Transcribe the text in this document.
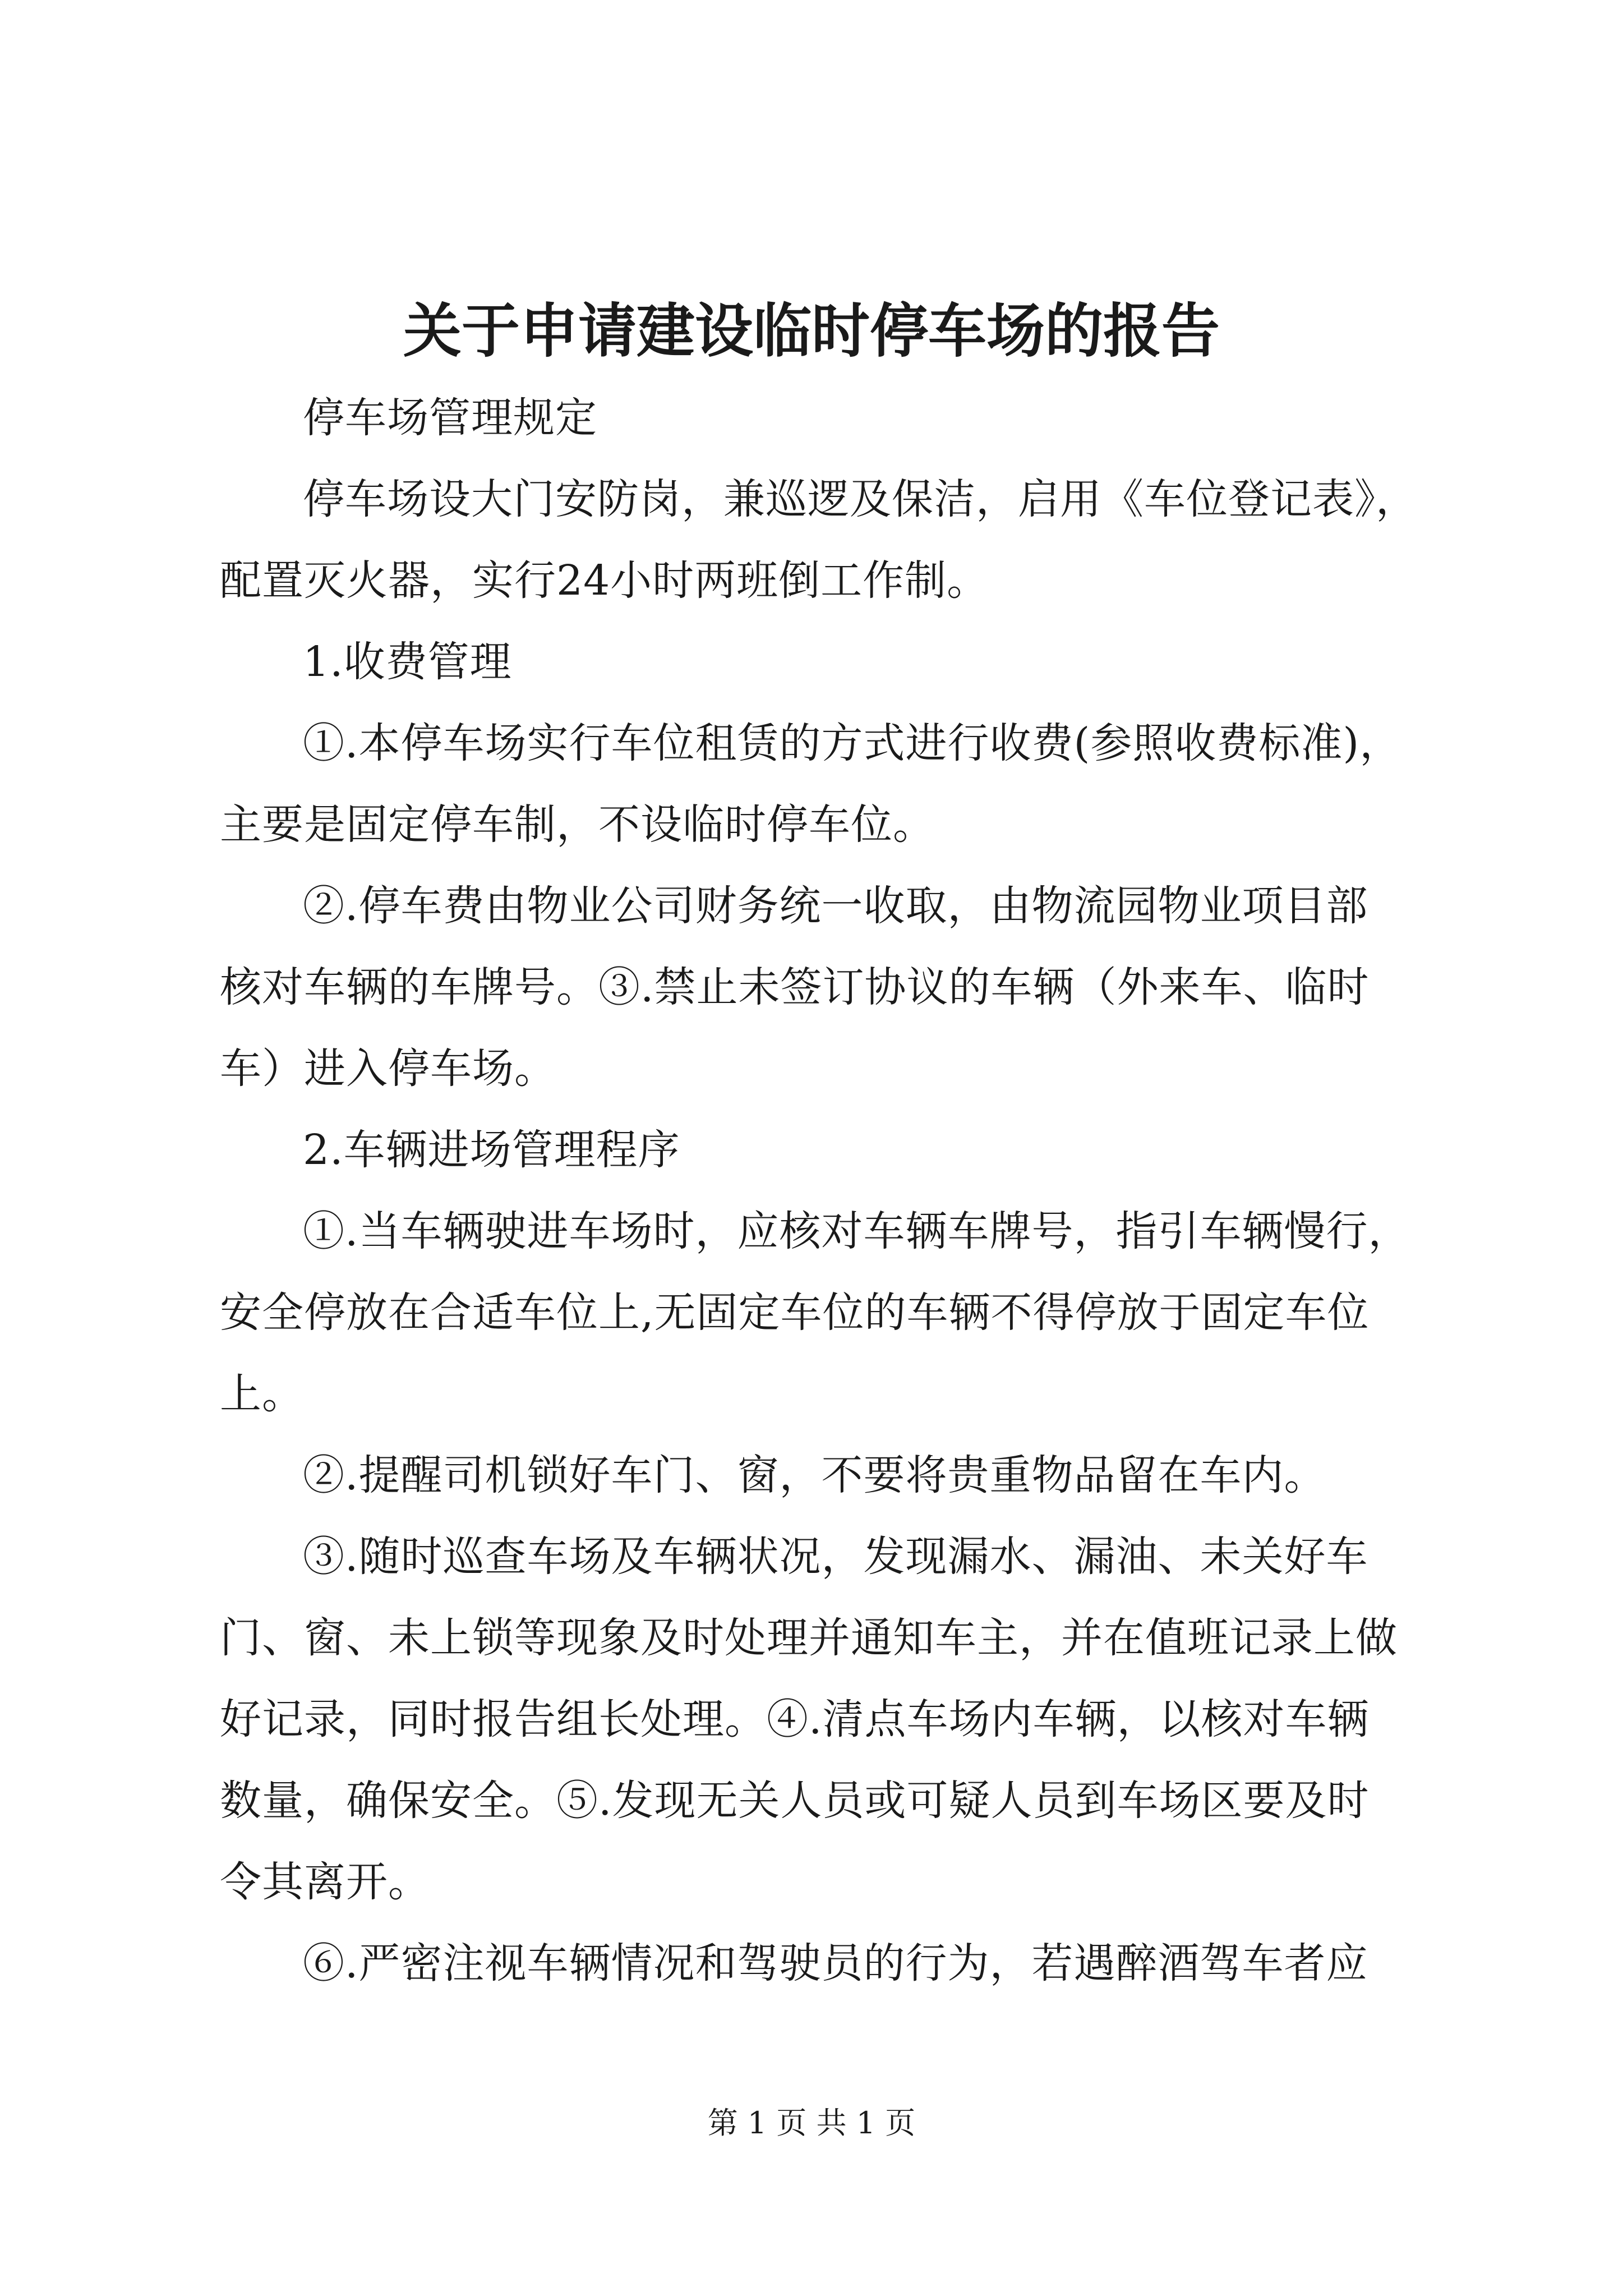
关于申请建设临时停车场的报告
停车场管理规定
停车场设大门安防岗，兼巡逻及保洁，启用《车位登记表》，
配置灭火器，实行24小时两班倒工作制。
1.收费管理
①.本停车场实行车位租赁的方式进行收费(参照收费标准)，
主要是固定停车制，不设临时停车位。
②.停车费由物业公司财务统一收取，由物流园物业项目部
核对车辆的车牌号。③.禁止未签订协议的车辆（外来车、临时
车）进入停车场。
2.车辆进场管理程序
①.当车辆驶进车场时，应核对车辆车牌号，指引车辆慢行，
安全停放在合适车位上,无固定车位的车辆不得停放于固定车位
上。
②.提醒司机锁好车门、窗，不要将贵重物品留在车内。
③.随时巡查车场及车辆状况，发现漏水、漏油、未关好车
门、窗、未上锁等现象及时处理并通知车主，并在值班记录上做
好记录，同时报告组长处理。④.清点车场内车辆，以核对车辆
数量，确保安全。⑤.发现无关人员或可疑人员到车场区要及时
令其离开。
⑥.严密注视车辆情况和驾驶员的行为，若遇醉酒驾车者应
第 1 页 共 1 页
